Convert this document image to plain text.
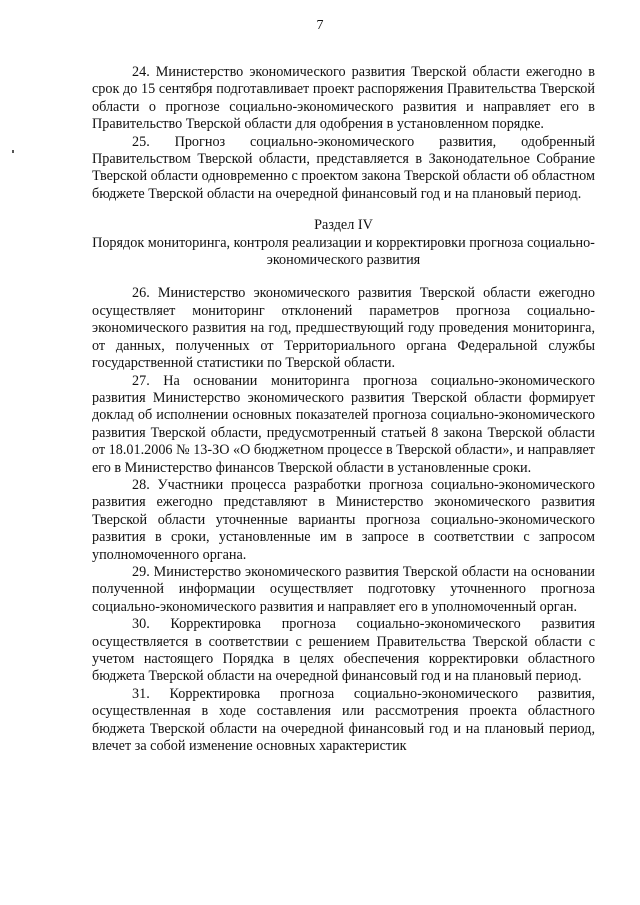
7

24. Министерство экономического развития Тверской области ежегодно в срок до 15 сентября подготавливает проект распоряжения Правительства Тверской области о прогнозе социально-экономического развития и направляет его в Правительство Тверской области для одобрения в установленном порядке.

25. Прогноз социально-экономического развития, одобренный Правительством Тверской области, представляется в Законодательное Собрание Тверской области одновременно с проектом закона Тверской области об областном бюджете Тверской области на очередной финансовый год и на плановый период.

Раздел IV

Порядок мониторинга, контроля реализации и корректировки прогноза социально-экономического развития

26. Министерство экономического развития Тверской области ежегодно осуществляет мониторинг отклонений параметров прогноза социально-экономического развития на год, предшествующий году проведения мониторинга, от данных, полученных от Территориального органа Федеральной службы государственной статистики по Тверской области.

27. На основании мониторинга прогноза социально-экономического развития Министерство экономического развития Тверской области формирует доклад об исполнении основных показателей прогноза социально-экономического развития Тверской области, предусмотренный статьей 8 закона Тверской области от 18.01.2006 № 13-ЗО «О бюджетном процессе в Тверской области», и направляет его в Министерство финансов Тверской области в установленные сроки.

28. Участники процесса разработки прогноза социально-экономического развития ежегодно представляют в Министерство экономического развития Тверской области уточненные варианты прогноза социально-экономического развития в сроки, установленные им в запросе в соответствии с запросом уполномоченного органа.

29. Министерство экономического развития Тверской области на основании полученной информации осуществляет подготовку уточненного прогноза социально-экономического развития и направляет его в уполномоченный орган.

30. Корректировка прогноза социально-экономического развития осуществляется в соответствии с решением Правительства Тверской области с учетом настоящего Порядка в целях обеспечения корректировки областного бюджета Тверской области на очередной финансовый год и на плановый период.

31. Корректировка прогноза социально-экономического развития, осуществленная в ходе составления или рассмотрения проекта областного бюджета Тверской области на очередной финансовый год и на плановый период, влечет за собой изменение основных характеристик
